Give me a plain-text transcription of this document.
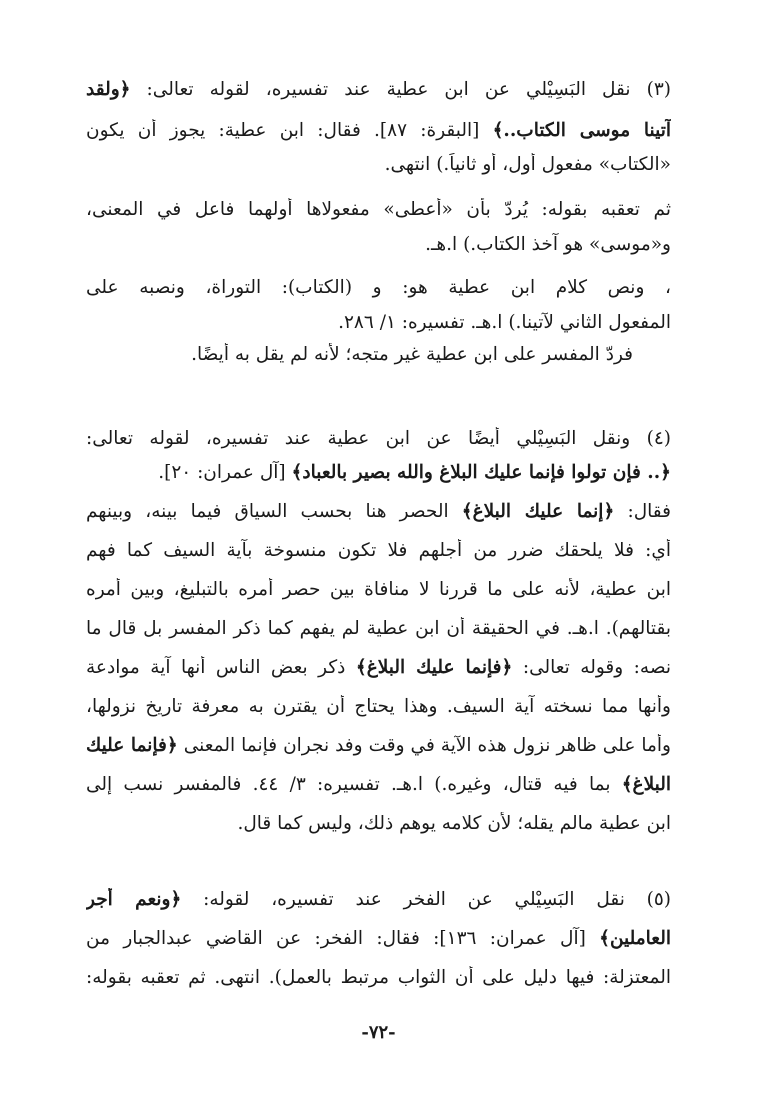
(٣) نقل البَسِيْلي عن ابن عطية عند تفسيره، لقوله تعالى: ﴿ولقد
آتينا موسى الكتاب..﴾ [البقرة: ٨٧]. فقال: ابن عطية: يجوز أن يكون
«الكتاب» مفعول أول، أو ثانياً.) انتهى.
ثم تعقبه بقوله: يُردّ بأن «أعطى» مفعولاها أولهما فاعل في المعنى،
و«موسى» هو آخذ الكتاب.) ا.هـ.
، ونص كلام ابن عطية هو: و (الكتاب): التوراة، ونصبه على
المفعول الثاني لآتينا.) ا.هـ. تفسيره: ١/ ٢٨٦.
فردّ المفسر على ابن عطية غير متجه؛ لأنه لم يقل به أيضًا.
(٤) ونقل البَسِيْلي أيضًا عن ابن عطية عند تفسيره، لقوله تعالى:
﴿.. فإن تولوا فإنما عليك البلاغ والله بصير بالعباد﴾ [آل عمران: ٢٠].
فقال: ﴿إنما عليك البلاغ﴾ الحصر هنا بحسب السياق فيما بينه، وبينهم
أي: فلا يلحقك ضرر من أجلهم فلا تكون منسوخة بآية السيف كما فهم
ابن عطية، لأنه على ما قررنا لا منافاة بين حصر أمره بالتبليغ، وبين أمره
بقتالهم). ا.هـ. في الحقيقة أن ابن عطية لم يفهم كما ذكر المفسر بل قال ما
نصه: وقوله تعالى: ﴿فإنما عليك البلاغ﴾ ذكر بعض الناس أنها آية موادعة
وأنها مما نسخته آية السيف. وهذا يحتاج أن يقترن به معرفة تاريخ نزولها،
وأما على ظاهر نزول هذه الآية في وقت وفد نجران فإنما المعنى ﴿فإنما عليك
البلاغ﴾ بما فيه قتال، وغيره.) ا.هـ. تفسيره: ٣/ ٤٤. فالمفسر نسب إلى
ابن عطية مالم يقله؛ لأن كلامه يوهم ذلك، وليس كما قال.
(٥) نقل البَسِيْلي عن الفخر عند تفسيره، لقوله: ﴿ونعم أجر
العاملين﴾ [آل عمران: ١٣٦]: فقال: الفخر: عن القاضي عبدالجبار من
المعتزلة: فيها دليل على أن الثواب مرتبط بالعمل). انتهى. ثم تعقبه بقوله:
-٧٢-
